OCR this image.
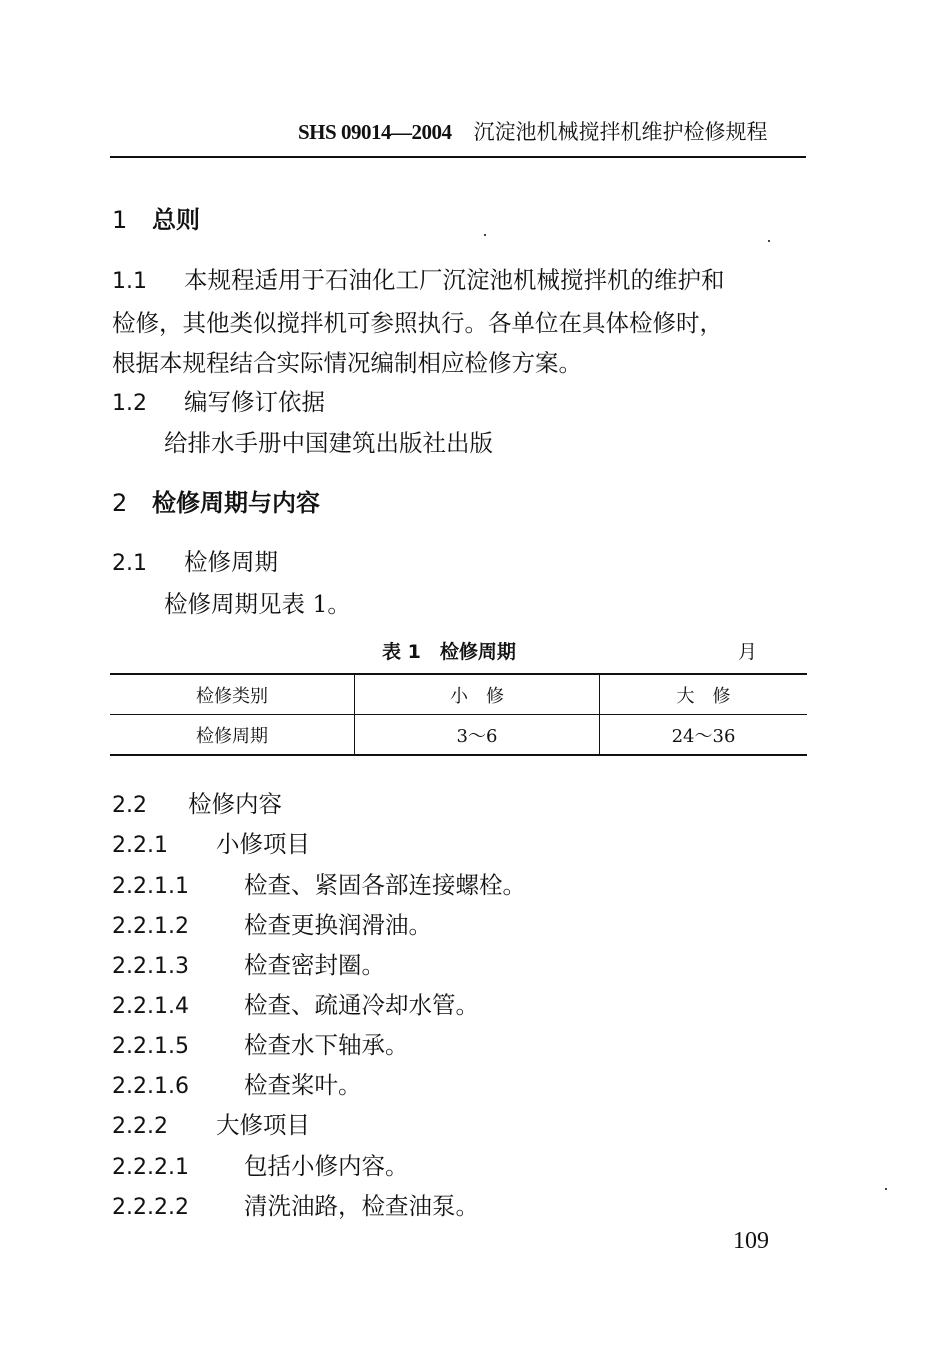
SHS 09014—2004 沉淀池机械搅拌机维护检修规程
1 总则
1.1 本规程适用于石油化工厂沉淀池机械搅拌机的维护和
检修，其他类似搅拌机可参照执行。各单位在具体检修时，
根据本规程结合实际情况编制相应检修方案。
1.2 编写修订依据
给排水手册中国建筑出版社出版
2 检修周期与内容
2.1 检修周期
检修周期见表 1。
表 1　检修周期	月
检修类别	小　修	大　修
检修周期	3～6	24～36
2.2 检修内容
2.2.1 小修项目
2.2.1.1 检查、紧固各部连接螺栓。
2.2.1.2 检查更换润滑油。
2.2.1.3 检查密封圈。
2.2.1.4 检查、疏通冷却水管。
2.2.1.5 检查水下轴承。
2.2.1.6 检查桨叶。
2.2.2 大修项目
2.2.2.1 包括小修内容。
2.2.2.2 清洗油路，检查油泵。
109
